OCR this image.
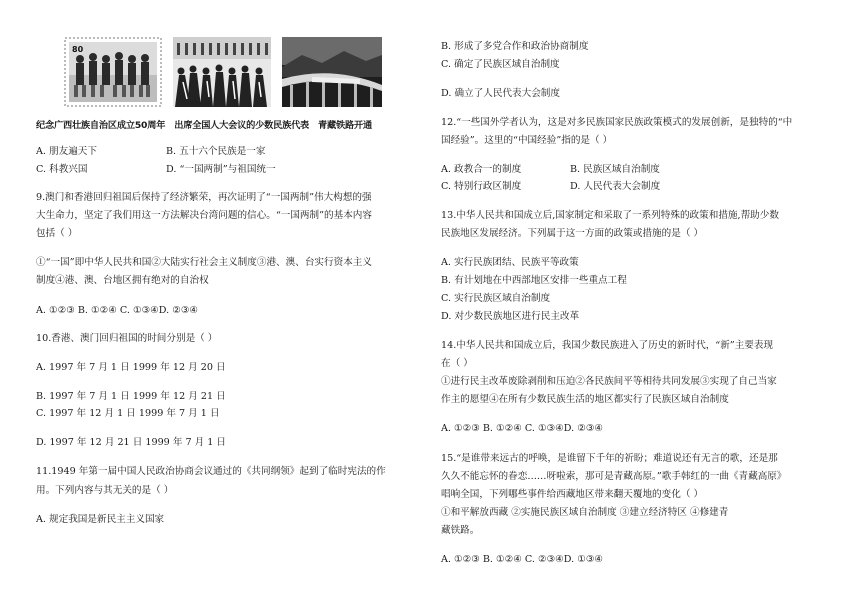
80
纪念广西壮族自治区成立50周年 出席全国人大会议的少数民族代表 青藏铁路开通
A. 朋友遍天下	B. 五十六个民族是一家
C. 科教兴国	D. “一国两制”与祖国统一
9.澳门和香港回归祖国后保持了经济繁荣，再次证明了“一国两制”伟大构想的强
大生命力，坚定了我们用这一方法解决台湾问题的信心。“一国两制”的基本内容
包括（ ）
①“一国”即中华人民共和国②大陆实行社会主义制度③港、澳、台实行资本主义
制度④港、澳、台地区拥有绝对的自治权
A. ①②③ B. ①②④ C. ①③④D. ②③④
10.香港、澳门回归祖国的时间分别是（ ）
A. 1997 年 7 月 1 日 1999 年 12 月 20 日
B. 1997 年 7 月 1 日 1999 年 12 月 21 日
C. 1997 年 12 月 1 日 1999 年 7 月 1 日
D. 1997 年 12 月 21 日 1999 年 7 月 1 日
11.1949 年第一届中国人民政治协商会议通过的《共同纲领》起到了临时宪法的作
用。下列内容与其无关的是（ ）
A. 规定我国是新民主主义国家
B. 形成了多党合作和政治协商制度
C. 确定了民族区域自治制度
D. 确立了人民代表大会制度
12.“一些国外学者认为，这是对多民族国家民族政策模式的发展创新，是独特的“中
国经验”。这里的“中国经验”指的是（ ）
A. 政教合一的制度	B. 民族区域自治制度
C. 特别行政区制度	D. 人民代表大会制度
13.中华人民共和国成立后,国家制定和采取了一系列特殊的政策和措施,帮助少数
民族地区发展经济。下列属于这一方面的政策或措施的是（ ）
A. 实行民族团结、民族平等政策
B. 有计划地在中西部地区安排一些重点工程
C. 实行民族区域自治制度
D. 对少数民族地区进行民主改革
14.中华人民共和国成立后，我国少数民族进入了历史的新时代，“新”主要表现
在（ ）
①进行民主改革废除剥削和压迫②各民族间平等相待共同发展③实现了自己当家
作主的愿望④在所有少数民族生活的地区都实行了民族区域自治制度
A. ①②③ B. ①②④ C. ①③④D. ②③④
15.“是谁带来远古的呼唤，是谁留下千年的祈盼；难道说还有无言的歌，还是那
久久不能忘怀的眷恋……呀啦索，那可是青藏高原。”歌手韩红的一曲《青藏高原》
唱响全国，下列哪些事件给西藏地区带来翻天覆地的变化（ ）
①和平解放西藏 ②实施民族区域自治制度 ③建立经济特区 ④修建青
藏铁路。
A. ①②③ B. ①②④ C. ②③④D. ①③④
